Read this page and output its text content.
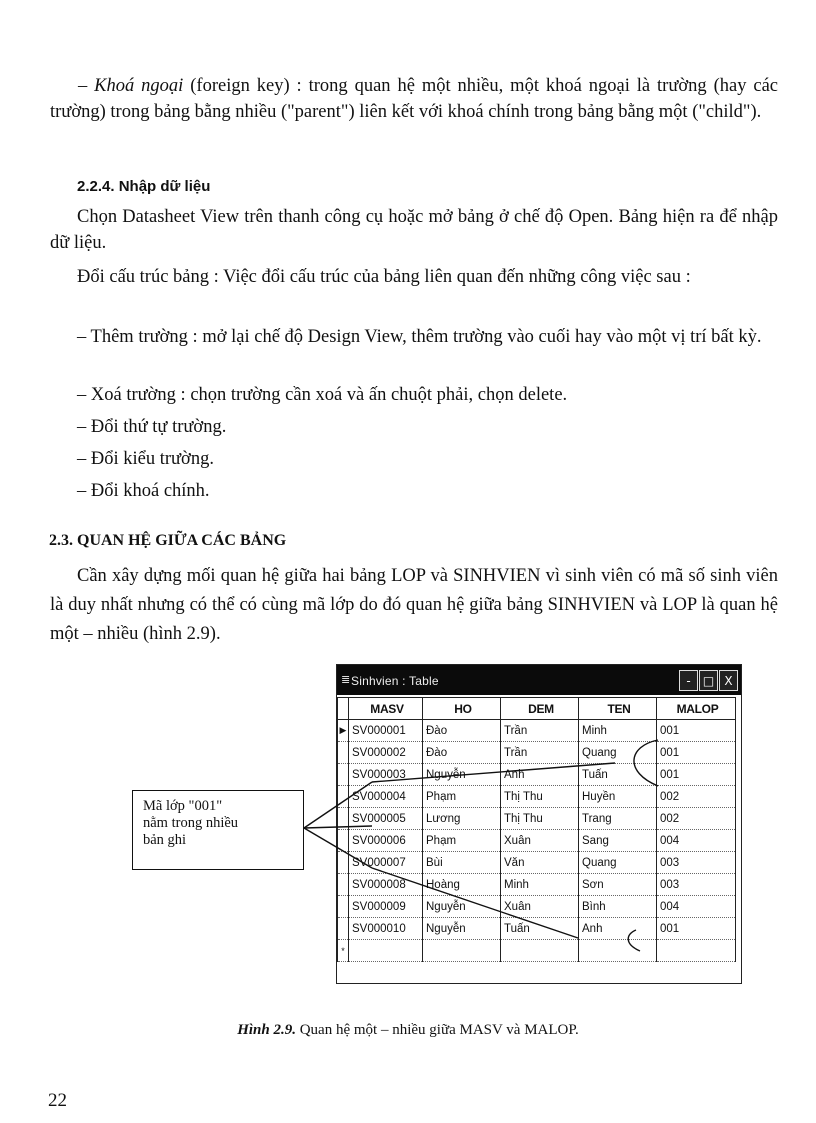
– Khoá ngoại (foreign key) : trong quan hệ một nhiều, một khoá ngoại là trường (hay các trường) trong bảng bằng nhiều ("parent") liên kết với khoá chính trong bảng bằng một ("child").

2.2.4. Nhập dữ liệu

Chọn Datasheet View trên thanh công cụ hoặc mở bảng ở chế độ Open. Bảng hiện ra để nhập dữ liệu.

Đổi cấu trúc bảng : Việc đổi cấu trúc của bảng liên quan đến những công việc sau :

– Thêm trường : mở lại chế độ Design View, thêm trường vào cuối hay vào một vị trí bất kỳ.

– Xoá trường : chọn trường cần xoá và ấn chuột phải, chọn delete.

– Đổi thứ tự trường.

– Đổi kiểu trường.

– Đổi khoá chính.

2.3. QUAN HỆ GIỮA CÁC BẢNG

Cần xây dựng mối quan hệ giữa hai bảng LOP và SINHVIEN vì sinh viên có mã số sinh viên là duy nhất nhưng có thể có cùng mã lớp do đó quan hệ giữa bảng SINHVIEN và LOP là quan hệ một – nhiều (hình 2.9).

≣ Sinhvien : Table	-	□ X
	MASV	HO	DEM	TEN	MALOP
▶	SV000001	Đào	Trần	Minh	001
	SV000002	Đào	Trần	Quang	001
	SV000003	Nguyễn	Anh	Tuấn	001
	SV000004	Phạm	Thị Thu	Huyền	002
	SV000005	Lương	Thị Thu	Trang	002
	SV000006	Phạm	Xuân	Sang	004
	SV000007	Bùi	Văn	Quang	003
	SV000008	Hoàng	Minh	Sơn	003
	SV000009	Nguyễn	Xuân	Bình	004
	SV000010	Nguyễn	Tuấn	Anh	001
*					
Mã lớp "001"
nằm trong nhiều
bản ghi
Hình 2.9. Quan hệ một – nhiều giữa MASV và MALOP.
22
